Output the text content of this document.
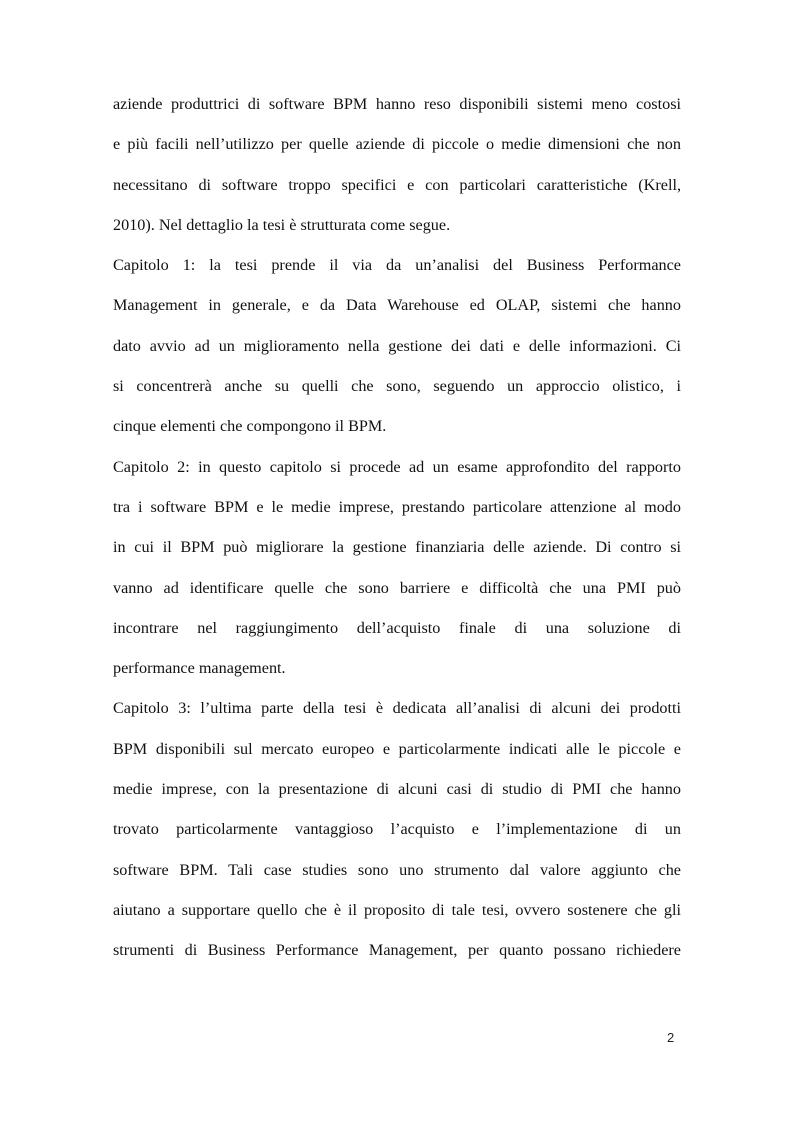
aziende produttrici di software BPM hanno reso disponibili sistemi meno costosi
e più facili nell’utilizzo per quelle aziende di piccole o medie dimensioni che non
necessitano di software troppo specifici e con particolari caratteristiche (Krell,
2010). Nel dettaglio la tesi è strutturata come segue.
Capitolo 1: la tesi prende il via da un’analisi del Business Performance
Management in generale, e da Data Warehouse ed OLAP, sistemi che hanno
dato avvio ad un miglioramento nella gestione dei dati e delle informazioni. Ci
si concentrerà anche su quelli che sono, seguendo un approccio olistico, i
cinque elementi che compongono il BPM.
Capitolo 2: in questo capitolo si procede ad un esame approfondito del rapporto
tra i software BPM e le medie imprese, prestando particolare attenzione al modo
in cui il BPM può migliorare la gestione finanziaria delle aziende. Di contro si
vanno ad identificare quelle che sono barriere e difficoltà che una PMI può
incontrare nel raggiungimento dell’acquisto finale di una soluzione di
performance management.
Capitolo 3: l’ultima parte della tesi è dedicata all’analisi di alcuni dei prodotti
BPM disponibili sul mercato europeo e particolarmente indicati alle le piccole e
medie imprese, con la presentazione di alcuni casi di studio di PMI che hanno
trovato particolarmente vantaggioso l’acquisto e l’implementazione di un
software BPM. Tali case studies sono uno strumento dal valore aggiunto che
aiutano a supportare quello che è il proposito di tale tesi, ovvero sostenere che gli
strumenti di Business Performance Management, per quanto possano richiedere
2
